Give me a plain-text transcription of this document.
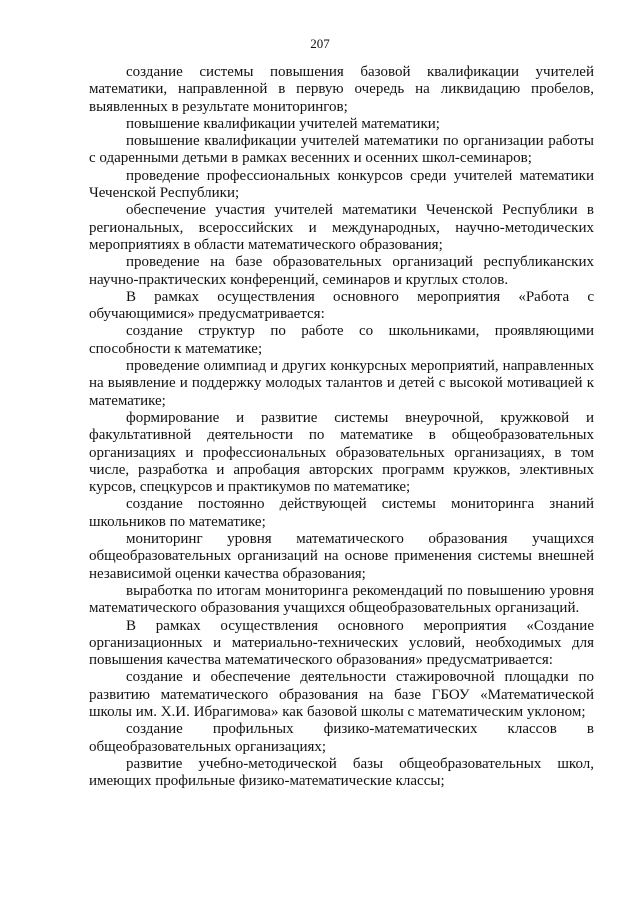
207

создание системы повышения базовой квалификации учителей математики, направленной в первую очередь на ликвидацию пробелов, выявленных в результате мониторингов;

повышение квалификации учителей математики;

повышение квалификации учителей математики по организации работы с одаренными детьми в рамках весенних и осенних школ-семинаров;

проведение профессиональных конкурсов среди учителей математики Чеченской Республики;

обеспечение участия учителей математики Чеченской Республики в региональных, всероссийских и международных, научно-методических мероприятиях в области математического образования;

проведение на базе образовательных организаций республиканских научно-практических конференций, семинаров и круглых столов.

В рамках осуществления основного мероприятия «Работа с обучающимися» предусматривается:

создание структур по работе со школьниками, проявляющими способности к математике;

проведение олимпиад и других конкурсных мероприятий, направленных на выявление и поддержку молодых талантов и детей с высокой мотивацией к математике;

формирование и развитие системы внеурочной, кружковой и факультативной деятельности по математике в общеобразовательных организациях и профессиональных образовательных организациях, в том числе, разработка и апробация авторских программ кружков, элективных курсов, спецкурсов и практикумов по математике;

создание постоянно действующей системы мониторинга знаний школьников по математике;

мониторинг уровня математического образования учащихся общеобразовательных организаций на основе применения системы внешней независимой оценки качества образования;

выработка по итогам мониторинга рекомендаций по повышению уровня математического образования учащихся общеобразовательных организаций.

В рамках осуществления основного мероприятия «Создание организационных и материально-технических условий, необходимых для повышения качества математического образования» предусматривается:

создание и обеспечение деятельности стажировочной площадки по развитию математического образования на базе ГБОУ «Математической школы им. Х.И. Ибрагимова» как базовой школы с математическим уклоном;

создание профильных физико-математических классов в общеобразовательных организациях;

развитие учебно-методической базы общеобразовательных школ, имеющих профильные физико-математические классы;
